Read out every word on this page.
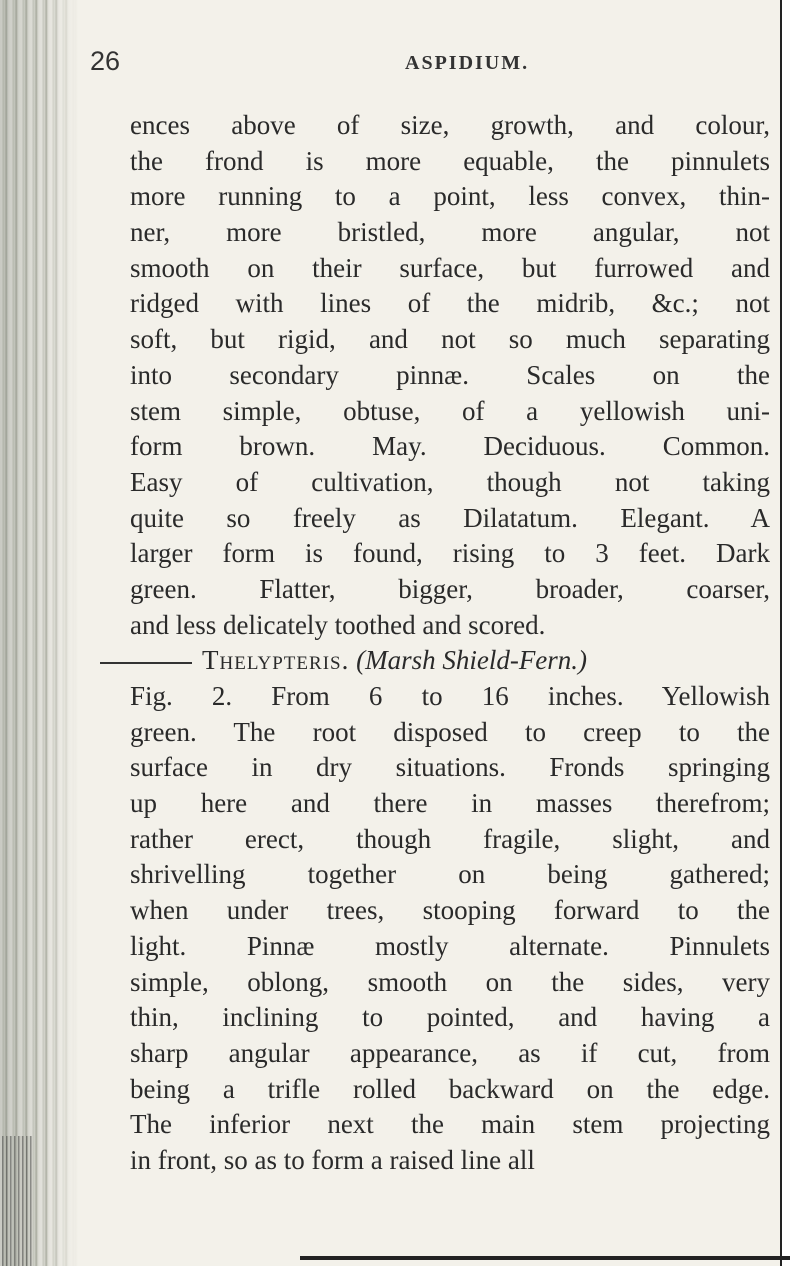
26	ASPIDIUM.

ences above of size, growth, and colour,
the frond is more equable, the pinnulets
more running to a point, less convex, thin-
ner, more bristled, more angular, not
smooth on their surface, but furrowed and
ridged with lines of the midrib, &c.; not
soft, but rigid, and not so much separating
into secondary pinnæ. Scales on the
stem simple, obtuse, of a yellowish uni-
form brown. May. Deciduous. Common.
Easy of cultivation, though not taking
quite so freely as Dilatatum. Elegant. A
larger form is found, rising to 3 feet. Dark
green. Flatter, bigger, broader, coarser,
and less delicately toothed and scored.
Thelypteris. (Marsh Shield-Fern.)
Fig. 2. From 6 to 16 inches. Yellowish
green. The root disposed to creep to the
surface in dry situations. Fronds springing
up here and there in masses therefrom;
rather erect, though fragile, slight, and
shrivelling together on being gathered;
when under trees, stooping forward to the
light. Pinnæ mostly alternate. Pinnulets
simple, oblong, smooth on the sides, very
thin, inclining to pointed, and having a
sharp angular appearance, as if cut, from
being a trifle rolled backward on the edge.
The inferior next the main stem projecting
in front, so as to form a raised line all
